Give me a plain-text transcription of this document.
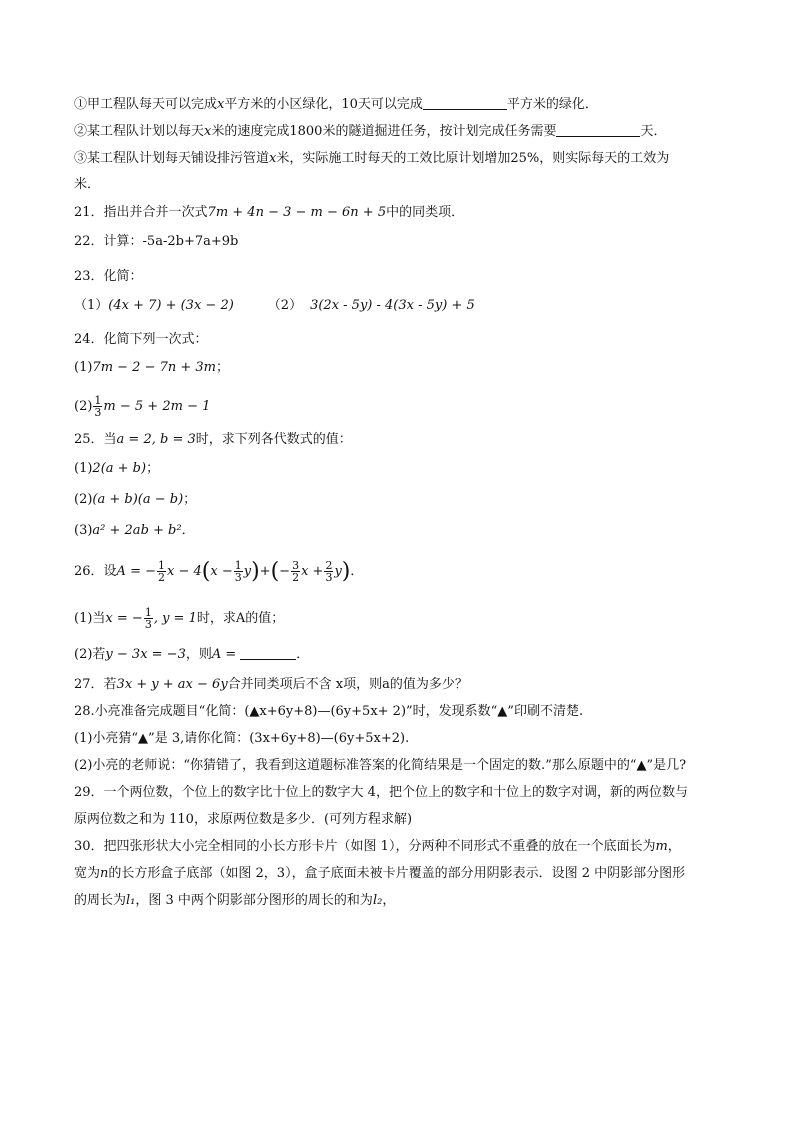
①甲工程队每天可以完成x平方米的小区绿化，10天可以完成	平方米的绿化．
②某工程队计划以每天x米的速度完成1800米的隧道掘进任务，按计划完成任务需要	天．
③某工程队计划每天铺设排污管道x米，实际施工时每天的工效比原计划增加25%，则实际每天的工效为
米．
21．指出并合并一次式7m + 4n − 3 − m − 6n + 5中的同类项．
22．计算：-5a-2b+7a+9b
23．化简：
（1）(4x + 7) + (3x − 2)	（2） 3(2x - 5y) - 4(3x - 5y) + 5
24．化简下列一次式：
(1)7m − 2 − 7n + 3m；
$(2) \frac{1}{3}$ m − 5 + 2m − 1
25．当a = 2, b = 3时，求下列各代数式的值：
(1)2(a + b)；
(2)(a + b)(a − b)；
(3)a² + 2ab + b²．
26．设A = − $\frac{1}{2}$ $x - 4(x - \frac{1}{3} y)+(- \frac{3}{2}$ $x + \frac{2}{3} y$)．
(1)当x = − $\frac{1}{3}$ , y = 1时，求A的值；
(2)若y − 3x = −3，则A =	．
27．若3x + y + ax − 6y合并同类项后不含 x项，则a的值为多少？
28.小亮准备完成题目“化简：(▲x+6y+8)—(6y+5x+ 2)”时，发现系数“▲”印刷不清楚.
(1)小亮猜“▲”是 3,请你化简：(3x+6y+8)—(6y+5x+2).
(2)小亮的老师说：“你猜错了，我看到这道题标准答案的化简结果是一个固定的数.”那么原题中的“▲”是几?
29．一个两位数，个位上的数字比十位上的数字大 4，把个位上的数字和十位上的数字对调，新的两位数与
原两位数之和为 110，求原两位数是多少．(可列方程求解)
30．把四张形状大小完全相同的小长方形卡片（如图 1），分两种不同形式不重叠的放在一个底面长为m，
宽为n的长方形盒子底部（如图 2，3），盒子底面未被卡片覆盖的部分用阴影表示．设图 2 中阴影部分图形
的周长为l₁，图 3 中两个阴影部分图形的周长的和为l₂，
